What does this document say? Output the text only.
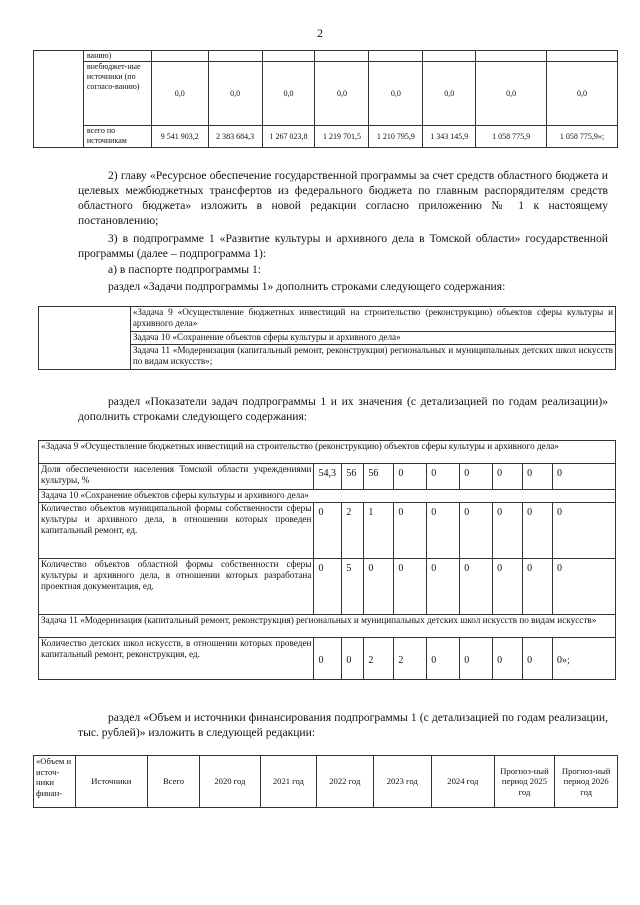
2
	ванию)								
	внебюджет-ные источники (по согласо-ванию)	0,0	0,0	0,0	0,0	0,0	0,0	0,0	0,0
	всего по источникам	9 541 903,2	2 383 684,3	1 267 023,8	1 219 701,5	1 210 795,9	1 343 145,9	1 058 775,9	1 058 775,9»;
2) главу «Ресурсное обеспечение государственной программы за счет средств областного бюджета и целевых межбюджетных трансфертов из федерального бюджета по главным распорядителям средств областного бюджета» изложить в новой редакции согласно приложению № 1 к настоящему постановлению;
3) в подпрограмме 1 «Развитие культуры и архивного дела в Томской области» государственной программы (далее – подпрограмма 1):
а) в паспорте подпрограммы 1:
раздел «Задачи подпрограммы 1» дополнить строками следующего содержания:
	«Задача 9 «Осуществление бюджетных инвестиций на строительство (реконструкцию) объектов сферы культуры и архивного дела»
Задача 10 «Сохранение объектов сферы культуры и архивного дела»
Задача 11 «Модернизация (капитальный ремонт, реконструкция) региональных и муниципальных детских школ искусств по видам искусств»;
раздел «Показатели задач подпрограммы 1 и их значения (с детализацией по годам реализации)» дополнить строками следующего содержания:
«Задача 9 «Осуществление бюджетных инвестиций на строительство (реконструкцию) объектов сферы культуры и архивного дела»									
Доля обеспеченности населения Томской области учреждениями культуры, %	54,3	56	56	0	0	0	0	0	0
Задача 10 «Сохранение объектов сферы культуры и архивного дела»									
Количество объектов муниципальной формы собственности сферы культуры и архивного дела, в отношении которых проведен капитальный ремонт, ед.	0	2	1	0	0	0	0	0	0
Количество объектов областной формы собственности сферы культуры и архивного дела, в отношении которых разработана проектная документация, ед.	0	5	0	0	0	0	0	0	0
Задача 11 «Модернизация (капитальный ремонт, реконструкция) региональных и муниципальных детских школ искусств по видам искусств»									
Количество детских школ искусств, в отношении которых проведен капитальный ремонт, реконструкция, ед.	0	0	2	2	0	0	0	0	0»;
раздел «Объем и источники финансирования подпрограммы 1 (с детализацией по годам реализации, тыс. рублей)» изложить в следующей редакции:
«Объем и источ-ники финан-	Источники	Всего	2020 год	2021 год	2022 год	2023 год	2024 год	Прогноз-ный период 2025 год	Прогноз-ный период 2026 год
